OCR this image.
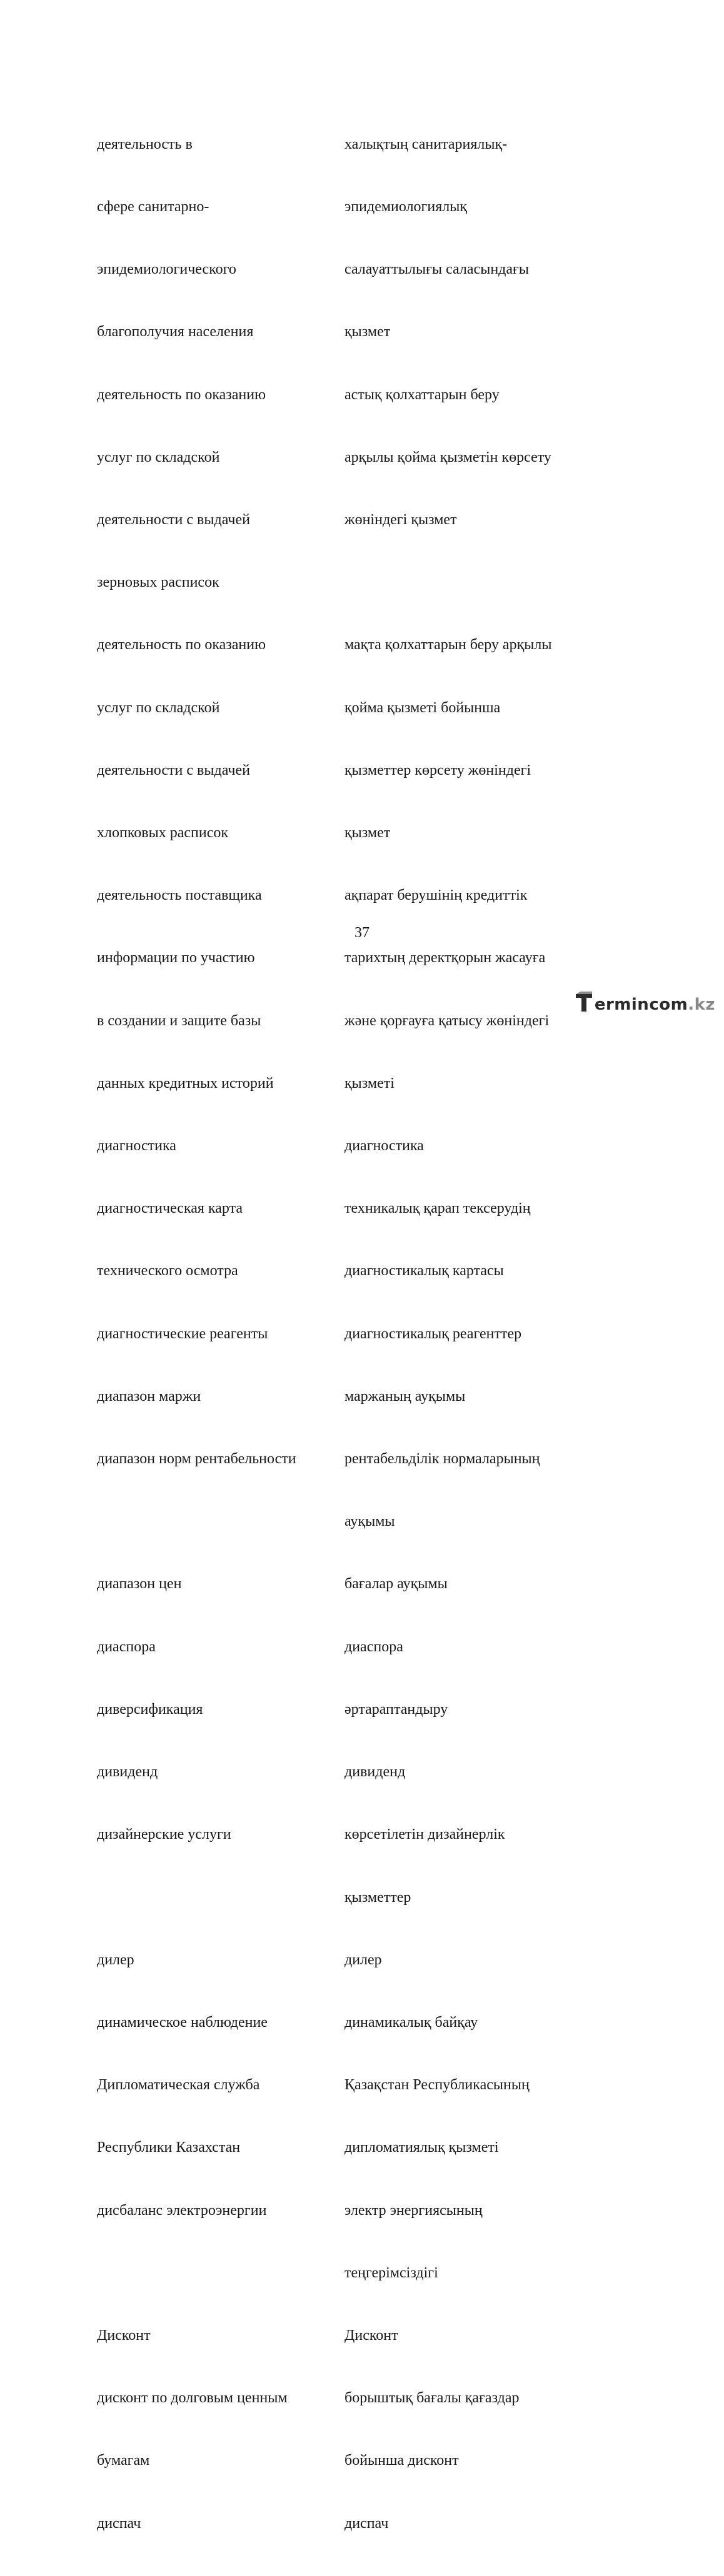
деятельность в

сфере санитарно-

эпидемиологического

благополучия населения

деятельность по оказанию

услуг по складской

деятельности с выдачей

зерновых расписок

деятельность по оказанию

услуг по складской

деятельности с выдачей

хлопковых расписок

деятельность поставщика

информации по участию

в создании и защите базы

данных кредитных историй

диагностика

диагностическая карта

технического осмотра

диагностические реагенты

диапазон маржи

диапазон норм рентабельности

диапазон цен

диаспора

диверсификация

дивиденд

дизайнерские услуги

дилер

динамическое наблюдение

Дипломатическая служба

Республики Казахстан

дисбаланс электроэнергии

Дисконт

дисконт по долговым ценным

бумагам

диспач

халықтың санитариялық-

эпидемиологиялық

салауаттылығы саласындағы

қызмет

астық қолхаттарын беру

арқылы қойма қызметін көрсету

жөніндегі қызмет

мақта қолхаттарын беру арқылы

қойма қызметі бойынша

қызметтер көрсету жөніндегі

қызмет

ақпарат берушінің кредиттік

тарихтың деректқорын жасауға

және қорғауға қатысу жөніндегі

қызметі

диагностика

техникалық қарап тексерудің

диагностикалық картасы

диагностикалық реагенттер

маржаның ауқымы

рентабельділік нормаларының

ауқымы

бағалар ауқымы

диаспора

әртараптандыру

дивиденд

көрсетілетін дизайнерлік

қызметтер

дилер

динамикалық байқау

Қазақстан Республикасының

дипломатиялық қызметі

электр энергиясының

теңгерімсіздігі

Дисконт

борыштық бағалы қағаздар

бойынша дисконт

диспач

37
ermincom.kz
